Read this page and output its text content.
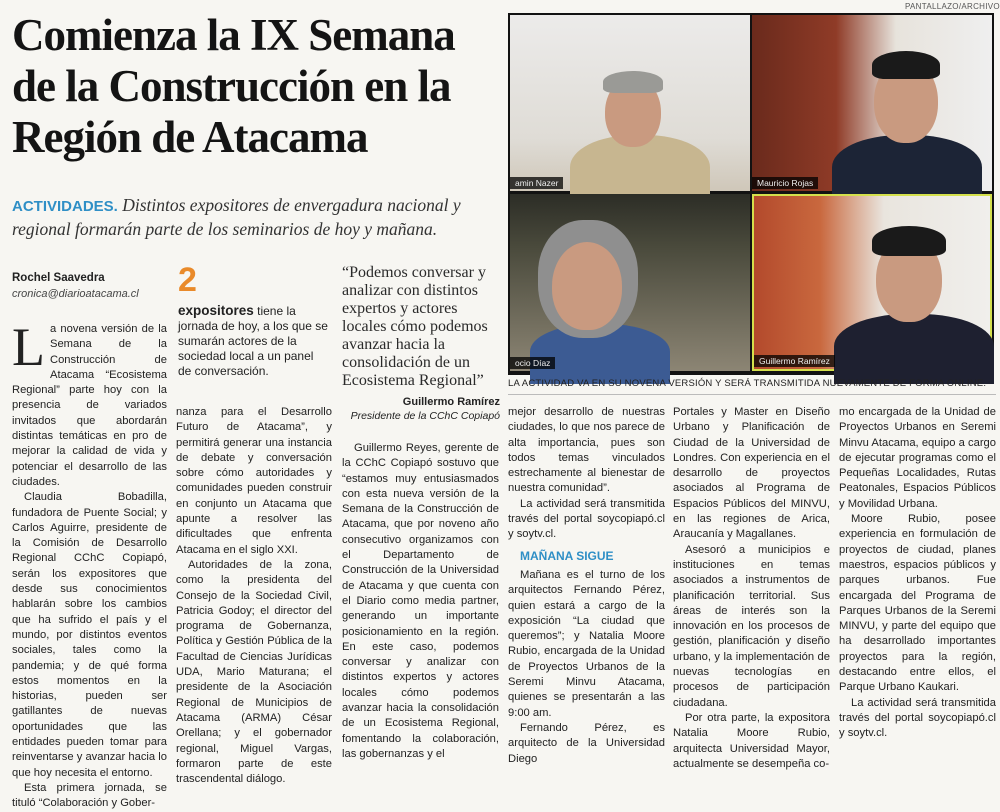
PANTALLAZO/ARCHIVO
Comienza la IX Semana de la Construcción en la Región de Atacama
ACTIVIDADES. Distintos expositores de envergadura nacional y regional formarán parte de los seminarios de hoy y mañana.
Rochel Saavedra
cronica@diarioatacama.cl	2
expositores tiene la jornada de hoy, a los que se sumarán actores de la sociedad local a un panel de conversación.
“Podemos conversar y analizar con distintos expertos y actores locales cómo podemos avanzar hacia la consolidación de un Ecosistema Regional”
Guillermo Ramírez
Presidente de la CChC Copiapó

La novena versión de la Semana de la Construcción de Atacama “Ecosistema Regional” parte hoy con la presencia de variados invitados que abordarán distintas temáticas en pro de mejorar la calidad de vida y potenciar el desarrollo de las ciudades.

Claudia Bobadilla, fundadora de Puente Social; y Carlos Aguirre, presidente de la Comisión de Desarrollo Regional CChC Copiapó, serán los expositores que desde sus conocimientos hablarán sobre los cambios que ha sufrido el país y el mundo, por distintos eventos sociales, tales como la pandemia; y de qué forma estos momentos en la historias, pueden ser gatillantes de nuevas oportunidades que las entidades pueden tomar para reinventarse y avanzar hacia lo que hoy necesita el entorno.

Esta primera jornada, se tituló “Colaboración y Gober-

nanza para el Desarrollo Futuro de Atacama”, y permitirá generar una instancia de debate y conversación sobre cómo autoridades y comunidades pueden construir en conjunto un Atacama que apunte a resolver las dificultades que enfrenta Atacama en el siglo XXI.

Autoridades de la zona, como la presidenta del Consejo de la Sociedad Civil, Patricia Godoy; el director del programa de Gobernanza, Política y Gestión Pública de la Facultad de Ciencias Jurídicas UDA, Mario Maturana; el presidente de la Asociación Regional de Municipios de Atacama (ARMA) César Orellana; y el gobernador regional, Miguel Vargas, formaron parte de este trascendental diálogo.

Guillermo Reyes, gerente de la CChC Copiapó sostuvo que “estamos muy entusiasmados con esta nueva versión de la Semana de la Construcción de Atacama, que por noveno año consecutivo organizamos con el Departamento de Construcción de la Universidad de Atacama y que cuenta con el Diario como media partner, generando un importante posicionamiento en la región. En este caso, podemos conversar y analizar con distintos expertos y actores locales cómo podemos avanzar hacia la consolidación de un Ecosistema Regional, fomentando la colaboración, las gobernanzas y el

mejor desarrollo de nuestras ciudades, lo que nos parece de alta importancia, pues son todos temas vinculados estrechamente al bienestar de nuestra comunidad”.

La actividad será transmitida través del portal soycopiapó.cl y soytv.cl.

MAÑANA SIGUE

Mañana es el turno de los arquitectos Fernando Pérez, quien estará a cargo de la exposición “La ciudad que queremos”; y Natalia Moore Rubio, encargada de la Unidad de Proyectos Urbanos de la Seremi Minvu Atacama, quienes se presentarán a las 9:00 am.

Fernando Pérez, es arquitecto de la Universidad Diego

Portales y Master en Diseño Urbano y Planificación de Ciudad de la Universidad de Londres. Con experiencia en el desarrollo de proyectos asociados al Programa de Espacios Públicos del MINVU, en las regiones de Arica, Araucanía y Magallanes.

Asesoró a municipios e instituciones en temas asociados a instrumentos de planificación territorial. Sus áreas de interés son la innovación en los procesos de gestión, planificación y diseño urbano, y la implementación de nuevas tecnologías en procesos de participación ciudadana.

Por otra parte, la expositora Natalia Moore Rubio, arquitecta Universidad Mayor, actualmente se desempeña co-

mo encargada de la Unidad de Proyectos Urbanos en Seremi Minvu Atacama, equipo a cargo de ejecutar programas como el Pequeñas Localidades, Rutas Peatonales, Espacios Públicos y Movilidad Urbana.

Moore Rubio, posee experiencia en formulación de proyectos de ciudad, planes maestros, espacios públicos y parques urbanos. Fue encargada del Programa de Parques Urbanos de la Seremi MINVU, y parte del equipo que ha desarrollado importantes proyectos para la región, destacando entre ellos, el Parque Urbano Kaukari.

La actividad será transmitida través del portal soycopiapó.cl y soytv.cl.

amin Nazer	Mauricio Rojas
ocio Díaz	Guillermo Ramírez
LA ACTIVIDAD VA EN SU NOVENA VERSIÓN Y SERÁ TRANSMITIDA NUEVAMENTE DE FORMA ONLINE.
